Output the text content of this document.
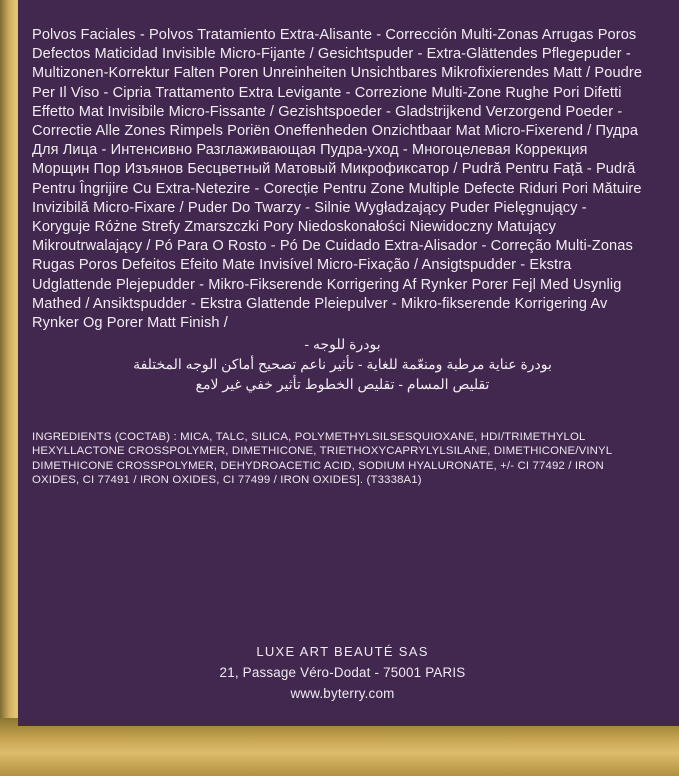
Polvos Faciales - Polvos Tratamiento Extra-Alisante - Corrección Multi-Zonas Arrugas Poros Defectos Maticidad Invisible Micro-Fijante / Gesichtspuder - Extra-Glättendes Pflegepuder - Multizonen-Korrektur Falten Poren Unreinheiten Unsichtbares Mikrofixierendes Matt / Poudre Per Il Viso - Cipria Trattamento Extra Levigante - Correzione Multi-Zone Rughe Pori Difetti Effetto Mat Invisibile Micro-Fissante / Gezishtspoeder - Gladstrijkend Verzorgend Poeder - Correctie Alle Zones Rimpels Poriën Oneffenheden Onzichtbaar Mat Micro-Fixerend / Пудра Для Лица - Интенсивно Разглаживающая Пудра-уход - Многоцелевая Коррекция Морщин Пор Изъянов Бесцветный Матовый Микрофиксатор / Pudră Pentru Față - Pudră Pentru Îngrijire Cu Extra-Netezire - Corecție Pentru Zone Multiple Defecte Riduri Pori Mǎtuire Invizibilă Micro-Fixare / Puder Do Twarzy - Silnie Wygładzający Puder Pielęgnujący - Koryguje Różne Strefy Zmarszczki Pory Niedoskonałości Niewidoczny Matujący Mikroutrwalający / Pó Para O Rosto - Pó De Cuidado Extra-Alisador - Correção Multi-Zonas Rugas Poros Defeitos Efeito Mate Invisível Micro-Fixação / Ansigtspudder - Ekstra Udglattende Plejepudder - Mikro-Fikserende Korrigering Af Rynker Porer Fejl Med Usynlig Mathed / Ansiktspudder - Ekstra Glattende Pleiepulver - Mikro-fikserende Korrigering Av Rynker Og Porer Matt Finish /
بودرة للوجه -
بودرة عناية مرطبة ومنعّمة للغاية - تأثير ناعم تصحيح أماكن الوجه المختلفة
تقليص المسام - تقليص الخطوط تأثير خفي غير لامع
INGREDIENTS (COCTAB) : MICA, TALC, SILICA, POLYMETHYLSILSESQUIOXANE, HDI/TRIMETHYLOL HEXYLLACTONE CROSSPOLYMER, DIMETHICONE, TRIETHOXYCAPRYLYLSILANE, DIMETHICONE/VINYL DIMETHICONE CROSSPOLYMER, DEHYDROACETIC ACID, SODIUM HYALURONATE, +/- CI 77492 / IRON OXIDES, CI 77491 / IRON OXIDES, CI 77499 / IRON OXIDES]. (T3338A1)
LUXE ART BEAUTÉ SAS
21, Passage Véro-Dodat - 75001 PARIS
www.byterry.com
